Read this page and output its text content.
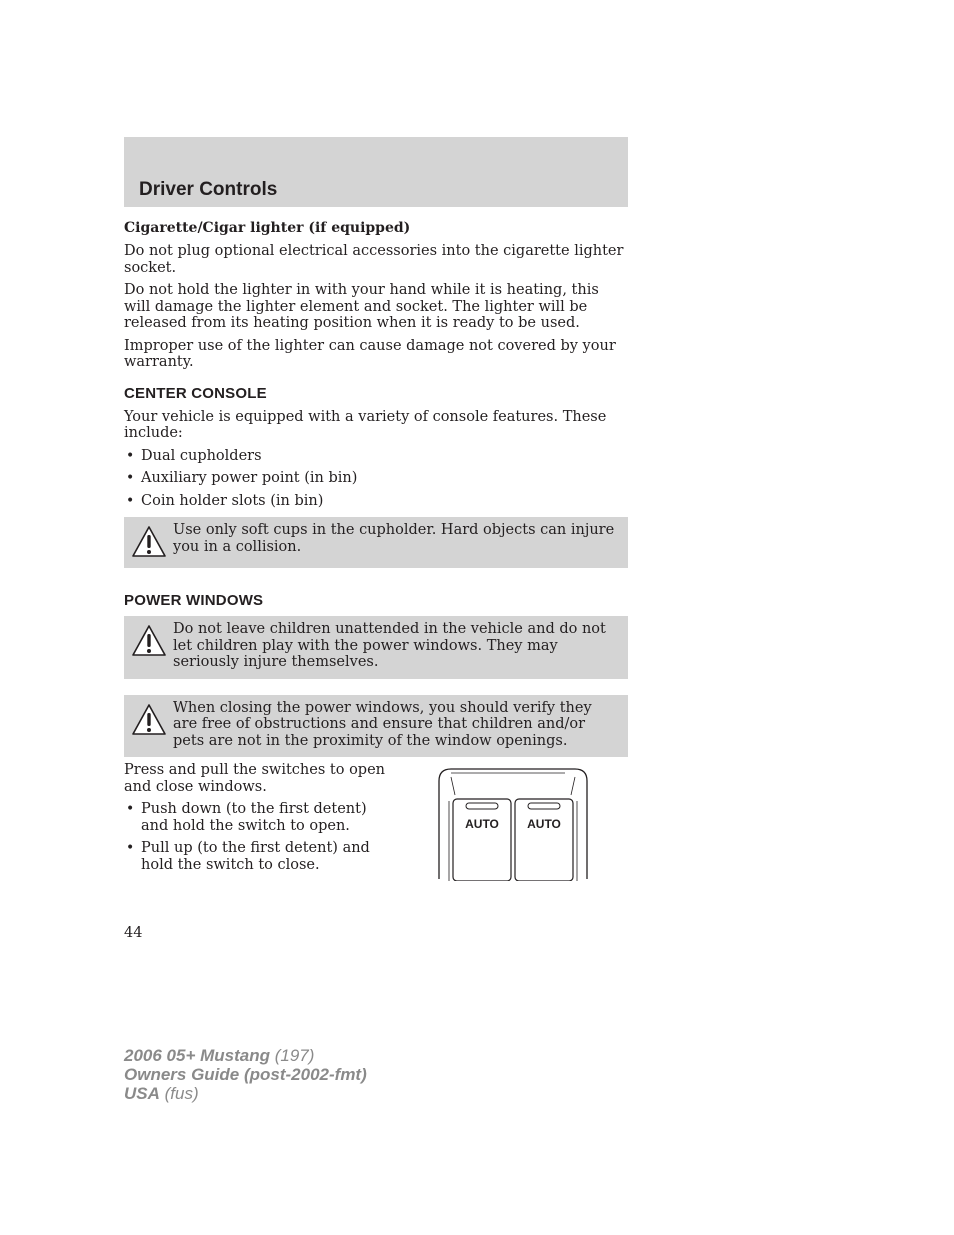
Driver Controls
Cigarette/Cigar lighter (if equipped)

Do not plug optional electrical accessories into the cigarette lighter socket.

Do not hold the lighter in with your hand while it is heating, this will damage the lighter element and socket. The lighter will be released from its heating position when it is ready to be used.

Improper use of the lighter can cause damage not covered by your warranty.

CENTER CONSOLE

Your vehicle is equipped with a variety of console features. These include:

• Dual cupholders
• Auxiliary power point (in bin)
• Coin holder slots (in bin)
Use only soft cups in the cupholder. Hard objects can injure you in a collision.
POWER WINDOWS
Do not leave children unattended in the vehicle and do not let children play with the power windows. They may seriously injure themselves.
When closing the power windows, you should verify they are free of obstructions and ensure that children and/or pets are not in the proximity of the window openings.

Press and pull the switches to open and close windows.

• Push down (to the first detent) and hold the switch to open.
• Pull up (to the first detent) and hold the switch to close.
AUTO AUTO
44
2006 05+ Mustang (197)
Owners Guide (post-2002-fmt)
USA (fus)
